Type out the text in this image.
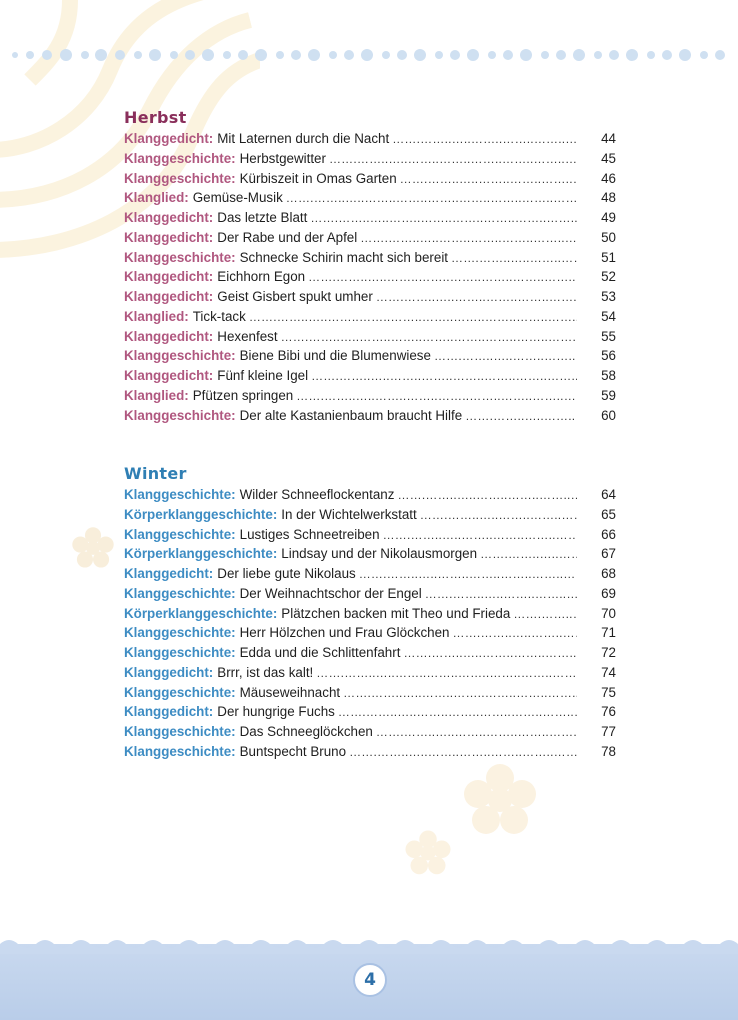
Herbst
Klanggedicht: Mit Laternen durch die Nacht …….……..…..……..……..……..……..……..……..……..……..……..……..……..……..……..……..……..……..……..……..……..……..……..……..…	44
Klanggeschichte: Herbstgewitter …….……..…..……..……..……..……..……..……..……..……..……..……..……..……..……..……..……..……..……..……..……..……..……..……..…	45
Klanggeschichte: Kürbiszeit in Omas Garten …….……..…..……..……..……..……..……..……..……..……..……..……..……..……..……..……..……..……..……..……..……..……..……..……..…	46
Klanglied: Gemüse-Musik …….……..…..……..……..……..……..……..……..……..……..……..……..……..……..……..……..……..……..……..……..……..……..……..……..…	48
Klanggedicht: Das letzte Blatt …….……..…..……..……..……..……..……..……..……..……..……..……..……..……..……..……..……..……..……..……..……..……..……..……..…	49
Klanggedicht: Der Rabe und der Apfel …….……..…..……..……..……..……..……..……..……..……..……..……..……..……..……..……..……..……..……..……..……..……..……..……..…	50
Klanggeschichte: Schnecke Schirin macht sich bereit …….……..…..……..……..……..……..……..……..……..……..……..……..……..……..……..……..……..……..……..……..……..……..……..……..…	51
Klanggedicht: Eichhorn Egon …….……..…..……..……..……..……..……..……..……..……..……..……..……..……..……..……..……..……..……..……..……..……..……..……..…	52
Klanggedicht: Geist Gisbert spukt umher …….……..…..……..……..……..……..……..……..……..……..……..……..……..……..……..……..……..……..……..……..……..……..……..……..…	53
Klanglied: Tick-tack …….……..…..……..……..……..……..……..……..……..……..……..……..……..……..……..……..……..……..……..……..……..……..……..……..…	54
Klanggedicht: Hexenfest …….……..…..……..……..……..……..……..……..……..……..……..……..……..……..……..……..……..……..……..……..……..……..……..……..…	55
Klanggeschichte: Biene Bibi und die Blumenwiese …….……..…..……..……..……..……..……..……..……..……..……..……..……..……..……..……..……..……..……..……..……..……..……..……..…	56
Klanggedicht: Fünf kleine Igel …….……..…..……..……..……..……..……..……..……..……..……..……..……..……..……..……..……..……..……..……..……..……..……..……..…	58
Klanglied: Pfützen springen …….……..…..……..……..……..……..……..……..……..……..……..……..……..……..……..……..……..……..……..……..……..……..……..……..…	59
Klanggeschichte: Der alte Kastanienbaum braucht Hilfe …….……..…..……..……..……..……..……..……..……..……..……..……..……..……..……..……..……..……..……..……..……..……..……..……..…	60
Winter
Klanggeschichte: Wilder Schneeflockentanz …….……..…..……..……..……..……..……..……..……..……..……..……..……..……..……..……..……..……..……..……..……..……..……..……..…	64
Körperklanggeschichte: In der Wichtelwerkstatt …….……..…..……..……..……..……..……..……..……..……..……..……..……..……..……..……..……..……..……..……..……..……..……..……..…	65
Klanggeschichte: Lustiges Schneetreiben …….……..…..……..……..……..……..……..……..……..……..……..……..……..……..……..……..……..……..……..……..……..……..……..……..…	66
Körperklanggeschichte: Lindsay und der Nikolausmorgen …….……..…..……..……..……..……..……..……..……..……..……..……..……..……..……..……..……..……..……..……..……..……..……..……..…	67
Klanggedicht: Der liebe gute Nikolaus …….……..…..……..……..……..……..……..……..……..……..……..……..……..……..……..……..……..……..……..……..……..……..……..……..…	68
Klanggeschichte: Der Weihnachtschor der Engel …….……..…..……..……..……..……..……..……..……..……..……..……..……..……..……..……..……..……..……..……..……..……..……..……..…	69
Körperklanggeschichte: Plätzchen backen mit Theo und Frieda …….……..…..……..……..……..……..……..……..……..……..……..……..……..……..……..……..……..……..……..……..……..……..……..……..…	70
Klanggeschichte: Herr Hölzchen und Frau Glöckchen …….……..…..……..……..……..……..……..……..……..……..……..……..……..……..……..……..……..……..……..……..……..……..……..……..…	71
Klanggeschichte: Edda und die Schlittenfahrt …….……..…..……..……..……..……..……..……..……..……..……..……..……..……..……..……..……..……..……..……..……..……..……..……..…	72
Klanggedicht: Brrr, ist das kalt! …….……..…..……..……..……..……..……..……..……..……..……..……..……..……..……..……..……..……..……..……..……..……..……..……..…	74
Klanggeschichte: Mäuseweihnacht …….……..…..……..……..……..……..……..……..……..……..……..……..……..……..……..……..……..……..……..……..……..……..……..……..…	75
Klanggedicht: Der hungrige Fuchs …….……..…..……..……..……..……..……..……..……..……..……..……..……..……..……..……..……..……..……..……..……..……..……..……..…	76
Klanggeschichte: Das Schneeglöckchen …….……..…..……..……..……..……..……..……..……..……..……..……..……..……..……..……..……..……..……..……..……..……..……..……..…	77
Klanggeschichte: Buntspecht Bruno …….……..…..……..……..……..……..……..……..……..……..……..……..……..……..……..……..……..……..……..……..……..……..……..……..…	78
4
